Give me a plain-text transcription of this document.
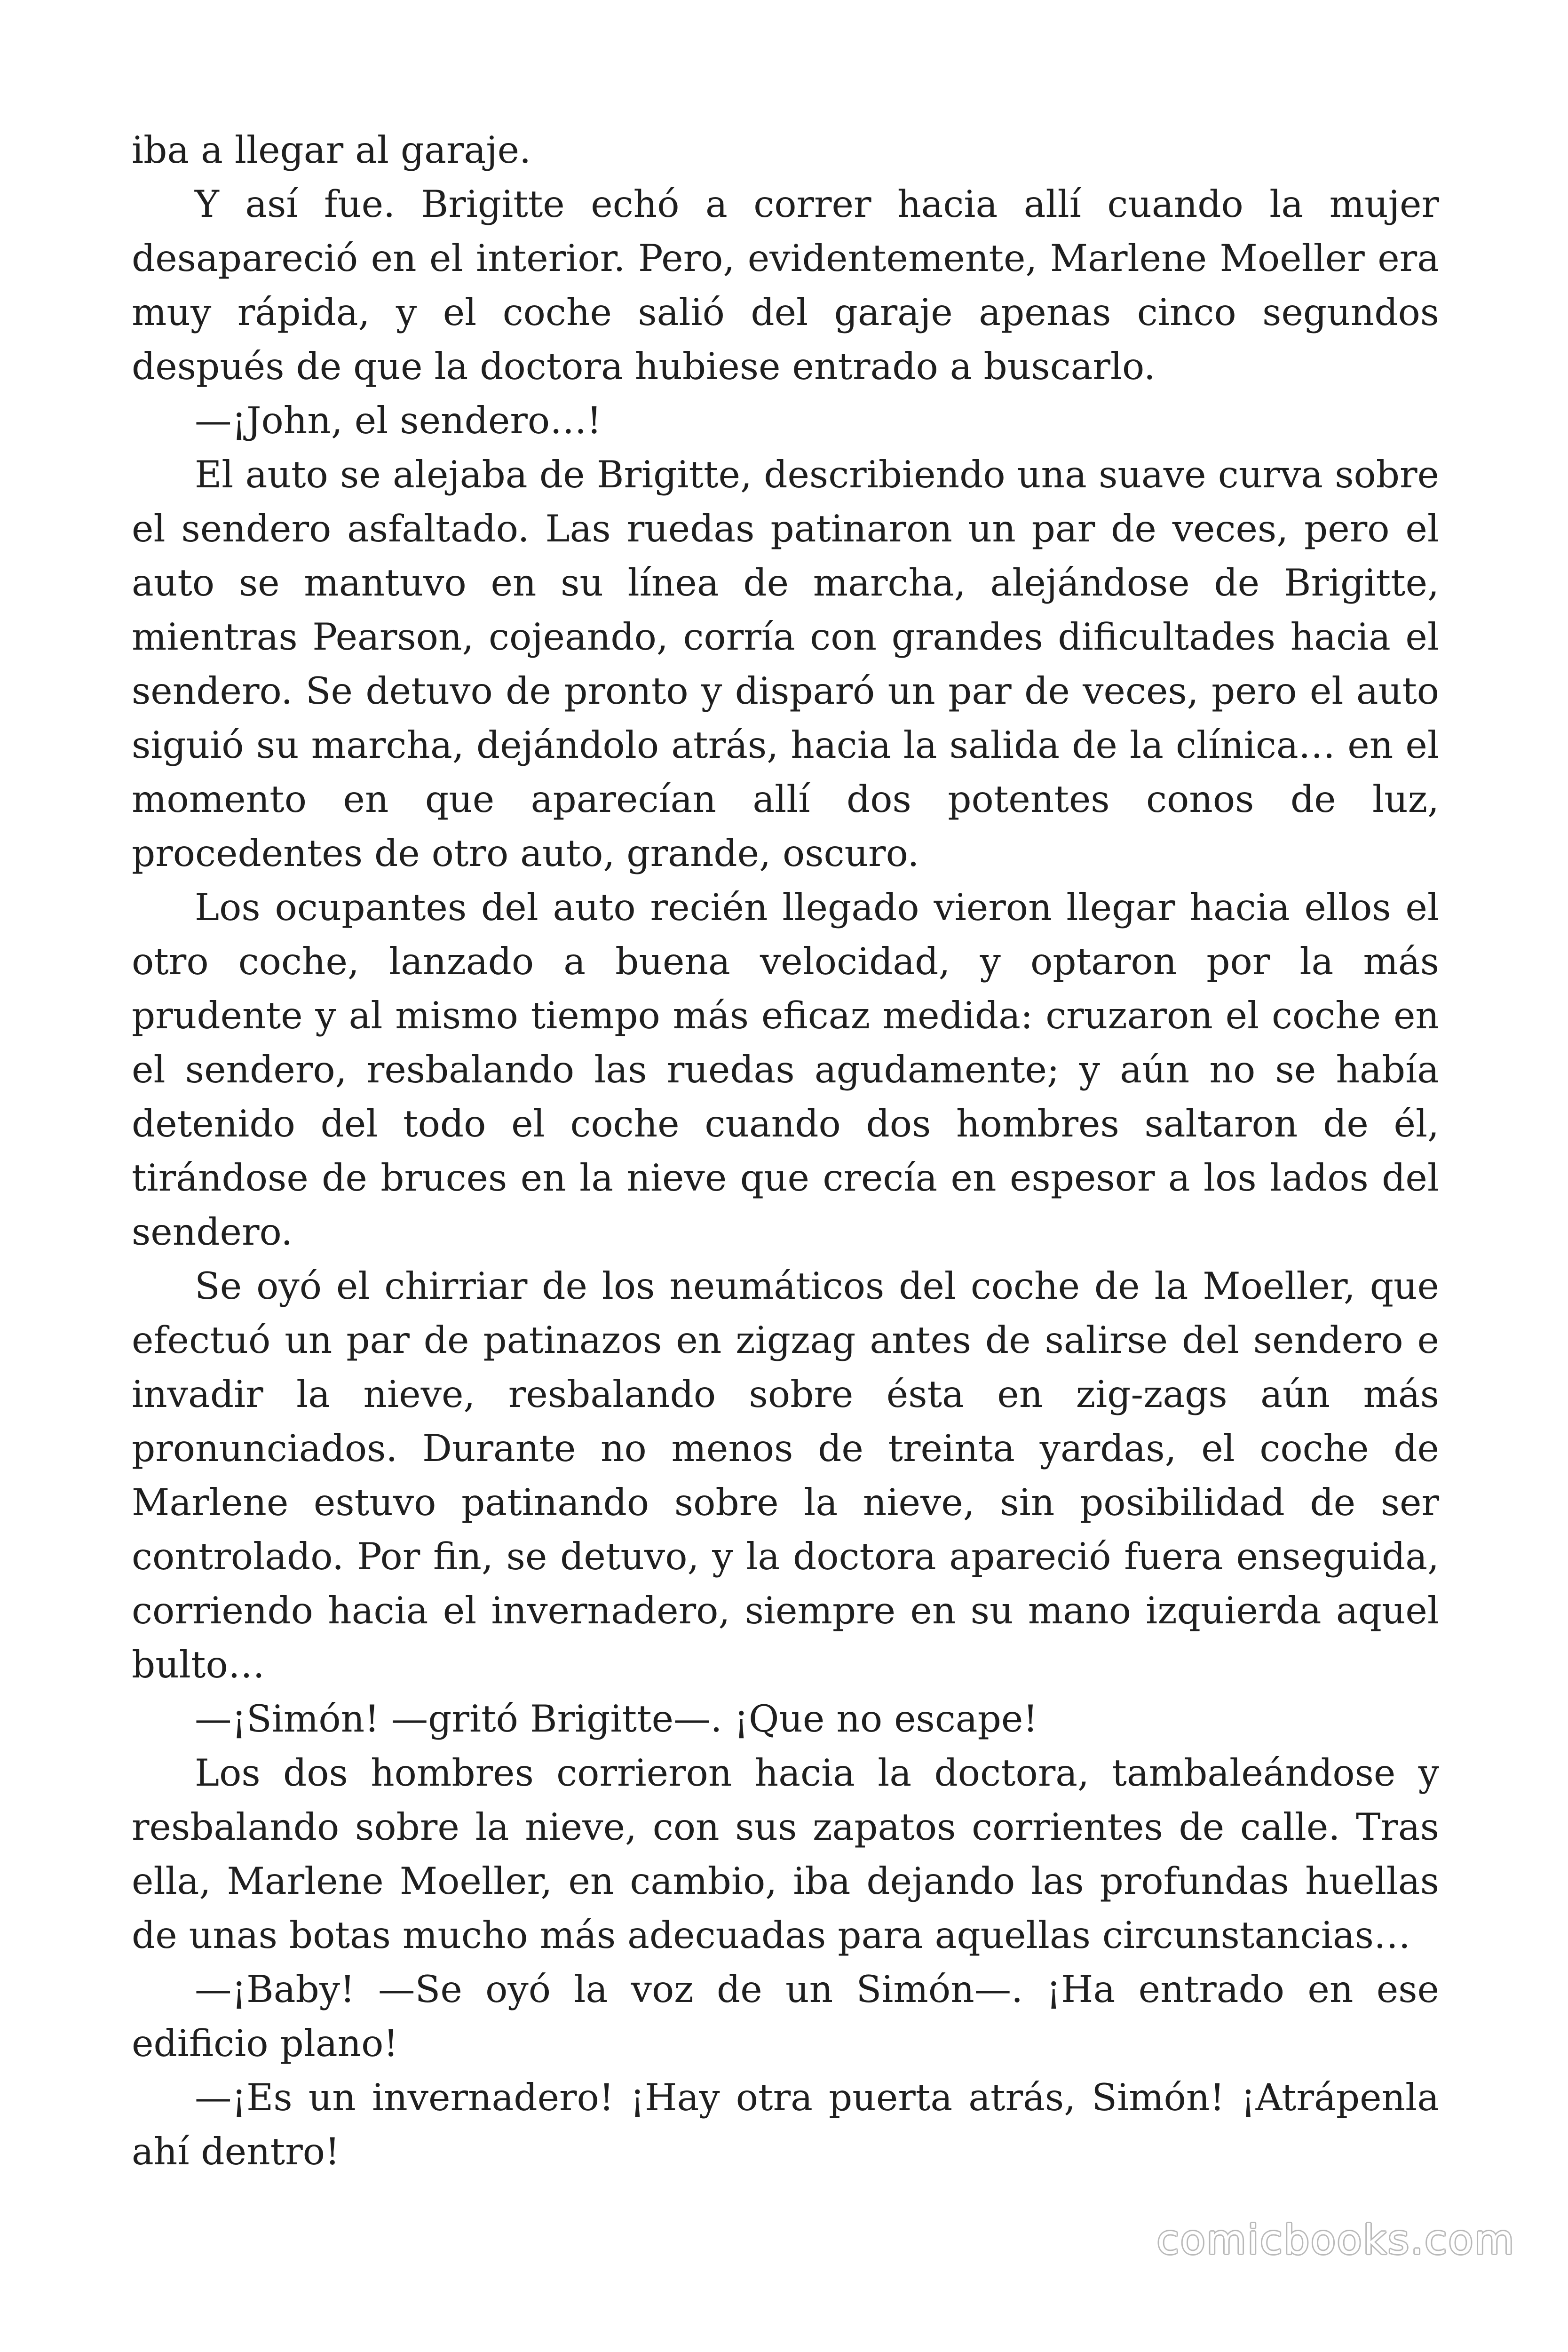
iba a llegar al garaje.

Y así fue. Brigitte echó a correr hacia allí cuando la mujer desapareció en el interior. Pero, evidentemente, Marlene Moeller era muy rápida, y el coche salió del garaje apenas cinco segundos después de que la doctora hubiese entrado a buscarlo.

—¡John, el sendero…!

El auto se alejaba de Brigitte, describiendo una suave curva sobre el sendero asfaltado. Las ruedas patinaron un par de veces, pero el auto se mantuvo en su línea de marcha, alejándose de Brigitte, mientras Pearson, cojeando, corría con grandes dificultades hacia el sendero. Se detuvo de pronto y disparó un par de veces, pero el auto siguió su marcha, dejándolo atrás, hacia la salida de la clínica… en el momento en que aparecían allí dos potentes conos de luz, procedentes de otro auto, grande, oscuro.

Los ocupantes del auto recién llegado vieron llegar hacia ellos el otro coche, lanzado a buena velocidad, y optaron por la más prudente y al mismo tiempo más eficaz medida: cruzaron el coche en el sendero, resbalando las ruedas agudamente; y aún no se había detenido del todo el coche cuando dos hombres saltaron de él, tirándose de bruces en la nieve que crecía en espesor a los lados del sendero.

Se oyó el chirriar de los neumáticos del coche de la Moeller, que efectuó un par de patinazos en zigzag antes de salirse del sendero e invadir la nieve, resbalando sobre ésta en zig-zags aún más pronunciados. Durante no menos de treinta yardas, el coche de Marlene estuvo patinando sobre la nieve, sin posibilidad de ser controlado. Por fin, se detuvo, y la doctora apareció fuera enseguida, corriendo hacia el invernadero, siempre en su mano izquierda aquel bulto…

—¡Simón! —gritó Brigitte—. ¡Que no escape!

Los dos hombres corrieron hacia la doctora, tambaleándose y resbalando sobre la nieve, con sus zapatos corrientes de calle. Tras ella, Marlene Moeller, en cambio, iba dejando las profundas huellas de unas botas mucho más adecuadas para aquellas circunstancias…

—¡Baby! —Se oyó la voz de un Simón—. ¡Ha entrado en ese edificio plano!

—¡Es un invernadero! ¡Hay otra puerta atrás, Simón! ¡Atrápenla ahí dentro!

comicbooks.com
